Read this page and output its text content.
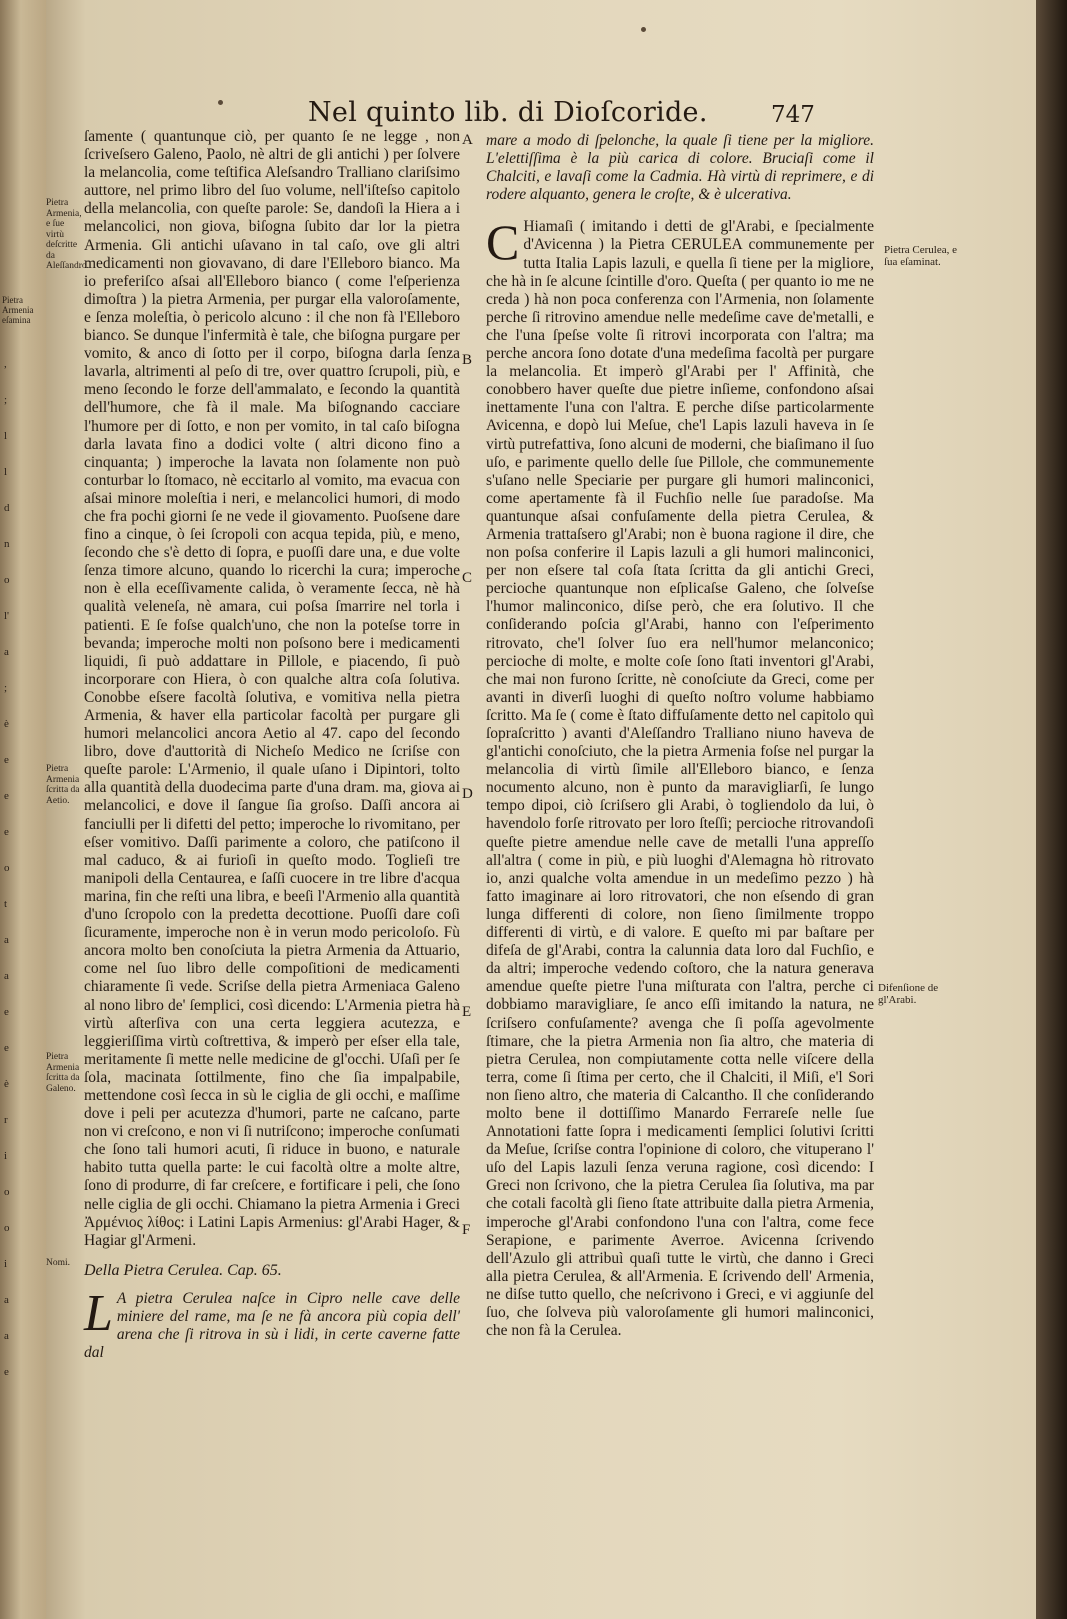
Pietra Armenia eſamina
,
;
l
l
d
n
o
l'
a
;
è
e
e
e
o
t
a
a
e
e
è
r
i
o
o
i
a
a
e
Nel quinto lib. di Dioſcoride.	747

ſamente ( quantunque ciò, per quanto ſe ne legge , non ſcriveſsero Galeno, Paolo, nè altri de gli antichi ) per ſolvere la melancolia, come teſtifica Aleſsandro Trallianо clariſsimo auttore, nel primo libro del ſuo volume, nell'iſteſso capitolo della melancolia, con queſte parole: Se, dandoſi la Hiera a i melancolici, non giova, biſogna ſubito dar lor la pietra Armenia. Gli antichi uſavano in tal caſo, ove gli altri medicamenti non giovavano, di dare l'Elleboro bianco. Ma io preferiſco aſsai all'Elleboro bianco ( come l'eſperienza dimoſtra ) la pietra Armenia, per purgar ella valoroſamente, e ſenza moleſtia, ò pericolo alcuno : il che non fà l'Elleboro bianco. Se dunque l'infermità è tale, che biſogna purgare per vomito, & anco di ſotto per il corpo, biſogna darla ſenza lavarla, altrimenti al peſo di tre, over quattro ſcrupoli, più, e meno ſecondo le forze dell'ammalato, e ſecondo la quantità dell'humore, che fà il male. Ma biſognando cacciare l'humore per di ſotto, e non per vomito, in tal caſo biſogna darla lavata fino a dodici volte ( altri dicono fino a cinquanta; ) imperoche la lavata non ſolamente non può conturbar lo ſtomaco, nè eccitarlo al vomito, ma evacua con aſsai minore moleſtia i neri, e melancolici humori, di modo che fra pochi giorni ſe ne vede il giovamento. Puoſsene dare fino a cinque, ò ſei ſcropoli con acqua tepida, più, e meno, ſecondo che s'è detto di ſopra, e puoſſi dare una, e due volte ſenza timore alcuno, quando lo ricerchi la cura; imperoche non è ella eceſſivamente calida, ò veramente ſecca, nè hà qualità veleneſa, nè amara, cui poſsa ſmarrire nel torla i patienti. E ſe foſse qualch'uno, che non la poteſse torre in bevanda; imperoche molti non poſsono bere i medicamenti liquidi, ſi può addattare in Pillole, e piacendo, ſi può incorporare con Hiera, ò con qualche altra coſa ſolutiva. Conobbe eſsere facoltà ſolutiva, e vomitiva nella pietra Armenia, & haver ella particolar facoltà per purgare gli humori melancolici ancora Aetio al 47. capo del ſecondo libro, dove d'auttorità di Nicheſo Medico ne ſcriſse con queſte parole: L'Armenio, il quale uſano i Dipintori, tolto alla quantità della duodecima parte d'una dram. ma, giova ai melancolici, e dove il ſangue ſia groſso. Daſſi ancora ai fanciulli per li difetti del petto; imperoche lo rivomitano, per eſser vomitivo. Daſſi parimente a coloro, che patiſcono il mal caduco, & ai furioſi in queſto modo. Toglieſi tre manipoli della Centaurea, e ſaſſi cuocere in tre libre d'acqua marina, fin che reſti una libra, e beeſi l'Armenio alla quantità d'uno ſcropolo con la predetta decottione. Puoſſi dare coſi ſicuramente, imperoche non è in verun modo pericoloſo. Fù ancora molto ben conoſciuta la pietra Armenia da Attuario, come nel ſuo libro delle compoſitioni de medicamenti chiaramente ſi vede. Scriſse della pietra Armeniaca Galeno al nono libro de' ſemplici, così dicendo: L'Armenia pietra hà virtù aſterſiva con una certa leggiera acutezza, e leggieriſſima virtù coſtrettiva, & imperò per eſser ella tale, meritamente ſi mette nelle medicine de gl'occhi. Uſaſi per ſe ſola, macinata ſottilmente, fino che ſia impalpabile, mettendone così ſecca in sù le ciglia de gli occhi, e maſſime dove i peli per acutezza d'humori, parte ne caſcano, parte non vi creſcono, e non vi ſi nutriſcono; imperoche conſumati che ſono tali humori acuti, ſi riduce in buono, e naturale habito tutta quella parte: le cui facoltà oltre a molte altre, ſono di produrre, di far creſcere, e fortificare i peli, che ſono nelle ciglia de gli occhi. Chiamano la pietra Armenia i Greci Ἀρμένιος λίθος: i Latini Lapis Armenius: gl'Arabi Hager, & Hagiar gl'Armeni.

Della Pietra Cerulea. Cap. 65.

L A pietra Cerulea naſce in Cipro nelle cave delle miniere del rame, ma ſe ne fà ancora più copia dell' arena che ſi ritrova in sù i lidi, in certe caverne fatte dal

mare a modo di ſpelonche, la quale ſi tiene per la migliore. L'elettiſſima è la più carica di colore. Bruciaſi come il Chalciti, e lavaſi come la Cadmia. Hà virtù di reprimere, e di rodere alquanto, genera le croſte, & è ulcerativa.

C Hiamaſi ( imitando i detti de gl'Arabi, e ſpecialmente d'Avicenna ) la Pietra CERULEA communemente per tutta Italia Lapis lazuli, e quella ſi tiene per la migliore, che hà in ſe alcune ſcintille d'oro. Queſta ( per quanto io me ne creda ) hà non poca conferenza con l'Armenia, non ſolamente perche ſi ritrovino amendue nelle medeſime cave de'metalli, e che l'una ſpeſse volte ſi ritrovi incorporata con l'altra; ma perche ancora ſono dotate d'una medeſima facoltà per purgare la melancolia. Et imperò gl'Arabi per l' Affinità, che conobbero haver queſte due pietre inſieme, confondono aſsai inettamente l'una con l'altra. E perche diſse particolarmente Avicenna, e dopò lui Meſue, che'l Lapis lazuli haveva in ſe virtù putrefattiva, ſono alcuni de moderni, che biaſimano il ſuo uſo, e parimente quello delle ſue Pillole, che communemente s'uſano nelle Speciarie per purgare gli humori malinconici, come apertamente fà il Fuchſio nelle ſue paradoſse. Ma quantunque aſsai confuſamente della pietra Cerulea, & Armenia trattaſsero gl'Arabi; non è buona ragione il dire, che non poſsa conferire il Lapis lazuli a gli humori malinconici, per non eſsere tal coſa ſtata ſcritta da gli antichi Greci, percioche quantunque non eſplicaſse Galeno, che ſolveſse l'humor malinconico, diſse però, che era ſolutivo. Il che conſiderando poſcia gl'Arabi, hanno con l'eſperimento ritrovato, che'l ſolver ſuo era nell'humor melanconico; percioche di molte, e molte coſe ſono ſtati inventori gl'Arabi, che mai non furono ſcritte, nè conoſciute da Greci, come per avanti in diverſi luoghi di queſto noſtro volume habbiamo ſcritto. Ma ſe ( come è ſtato diffuſamente detto nel capitolo quì ſopraſcritto ) avanti d'Aleſſandro Trallianо niuno haveva de gl'antichi conoſciuto, che la pietra Armenia foſse nel purgar la melancolia di virtù ſimile all'Elleboro bianco, e ſenza nocumento alcuno, non è punto da maravigliarſi, ſe lungo tempo dipoi, ciò ſcriſsero gli Arabi, ò togliendolo da lui, ò havendolo forſe ritrovato per loro ſteſſi; percioche ritrovandoſi queſte pietre amendue nelle cave de metalli l'una appreſſo all'altra ( come in più, e più luoghi d'Alemagna hò ritrovato io, anzi qualche volta amendue in un medeſimo pezzo ) hà fatto imaginare ai loro ritrovatori, che non eſsendo di gran lunga differenti di colore, non ſieno ſimilmente troppo differenti di virtù, e di valore. E queſto mi par baſtare per difeſa de gl'Arabi, contra la calunnia data loro dal Fuchſio, e da altri; imperoche vedendo coſtoro, che la natura generava amendue queſte pietre l'una miſturata con l'altra, perche ci dobbiamo maravigliare, ſe anco eſſi imitando la natura, ne ſcriſsero confuſamente? avenga che ſi poſſa agevolmente ſtimare, che la pietra Armenia non ſia altro, che materia di pietra Cerulea, non compiutamente cotta nelle viſcere della terra, come ſi ſtima per certo, che il Chalciti, il Miſi, e'l Sori non ſieno altro, che materia di Calcantho. Il che conſiderando molto bene il dottiſſimo Manardo Ferrareſe nelle ſue Annotationi fatte ſopra i medicamenti ſemplici ſolutivi ſcritti da Meſue, ſcriſse contra l'opinione di coloro, che vituperano l' uſo del Lapis lazuli ſenza veruna ragione, così dicendo: I Greci non ſcrivono, che la pietra Cerulea ſia ſolutiva, ma par che cotali facoltà gli ſieno ſtate attribuite dalla pietra Armenia, imperoche gl'Arabi confondono l'una con l'altra, come fece Serapione, e parimente Averroe. Avicenna ſcrivendo dell'Azulo gli attribuì quaſi tutte le virtù, che danno i Greci alla pietra Cerulea, & all'Armenia. E ſcrivendo dell' Armenia, ne diſse tutto quello, che neſcrivono i Greci, e vi aggiunſe del ſuo, che ſolveva più valoroſamente gli humori malinconici, che non fà la Cerulea.

A
B
C
D
E
F
Pietra Armenia, e ſue virtù deſcritte da Aleſſandro.
Pietra Armenia ſcritta da Aetio.
Pietra Armenia ſcritta da Galeno.
Nomi.
Pietra Cerulea, e ſua eſaminat.
Difenſione de gl'Arabi.
